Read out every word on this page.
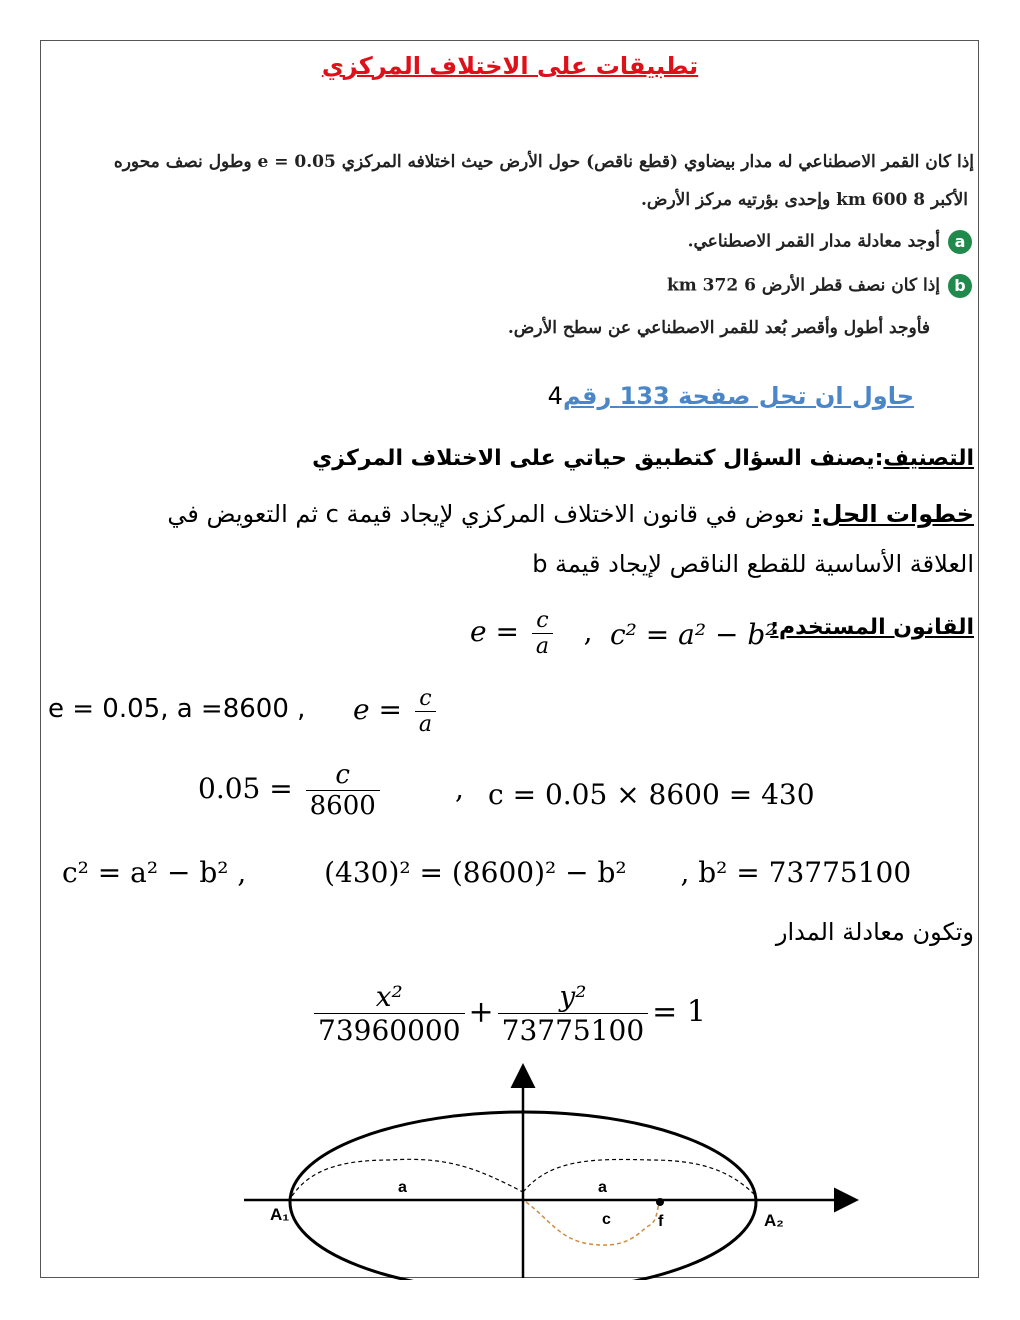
تطبيقات على الاختلاف المركزي
إذا كان القمر الاصطناعي له مدار بيضاوي (قطع ناقص) حول الأرض حيث اختلافه المركزي e = 0.05 وطول نصف محوره
الأكبر 8 600 km وإحدى بؤرتيه مركز الأرض.
aأوجد معادلة مدار القمر الاصطناعي.
bإذا كان نصف قطر الأرض 6 372 km
فأوجد أطول وأقصر بُعد للقمر الاصطناعي عن سطح الأرض.
حاول ان تحل صفحة 133 رقم4
التصنيف:يصنف السؤال كتطبيق حياتي على الاختلاف المركزي
خطوات الحل: نعوض في قانون الاختلاف المركزي لإيجاد قيمة c ثم التعويض في
العلاقة الأساسية للقطع الناقص لإيجاد قيمة b
القانون المستخدم:
$e = \frac{c}{a}$ , c² = a² − b²
e = 0.05, a =8600 , $e = \frac{c}{a}$
$0.05 = \frac{c}{8600}$ , c = 0.05 × 8600 = 430
c² = a² − b² ,	(430)² = (8600)² − b² , b² = 73775100
وتكون معادلة المدار
$\frac{\text{x²}}{73960000} + \frac{\text{y²}}{73775100} = 1$
a	a
c	f
A₁	A₂
